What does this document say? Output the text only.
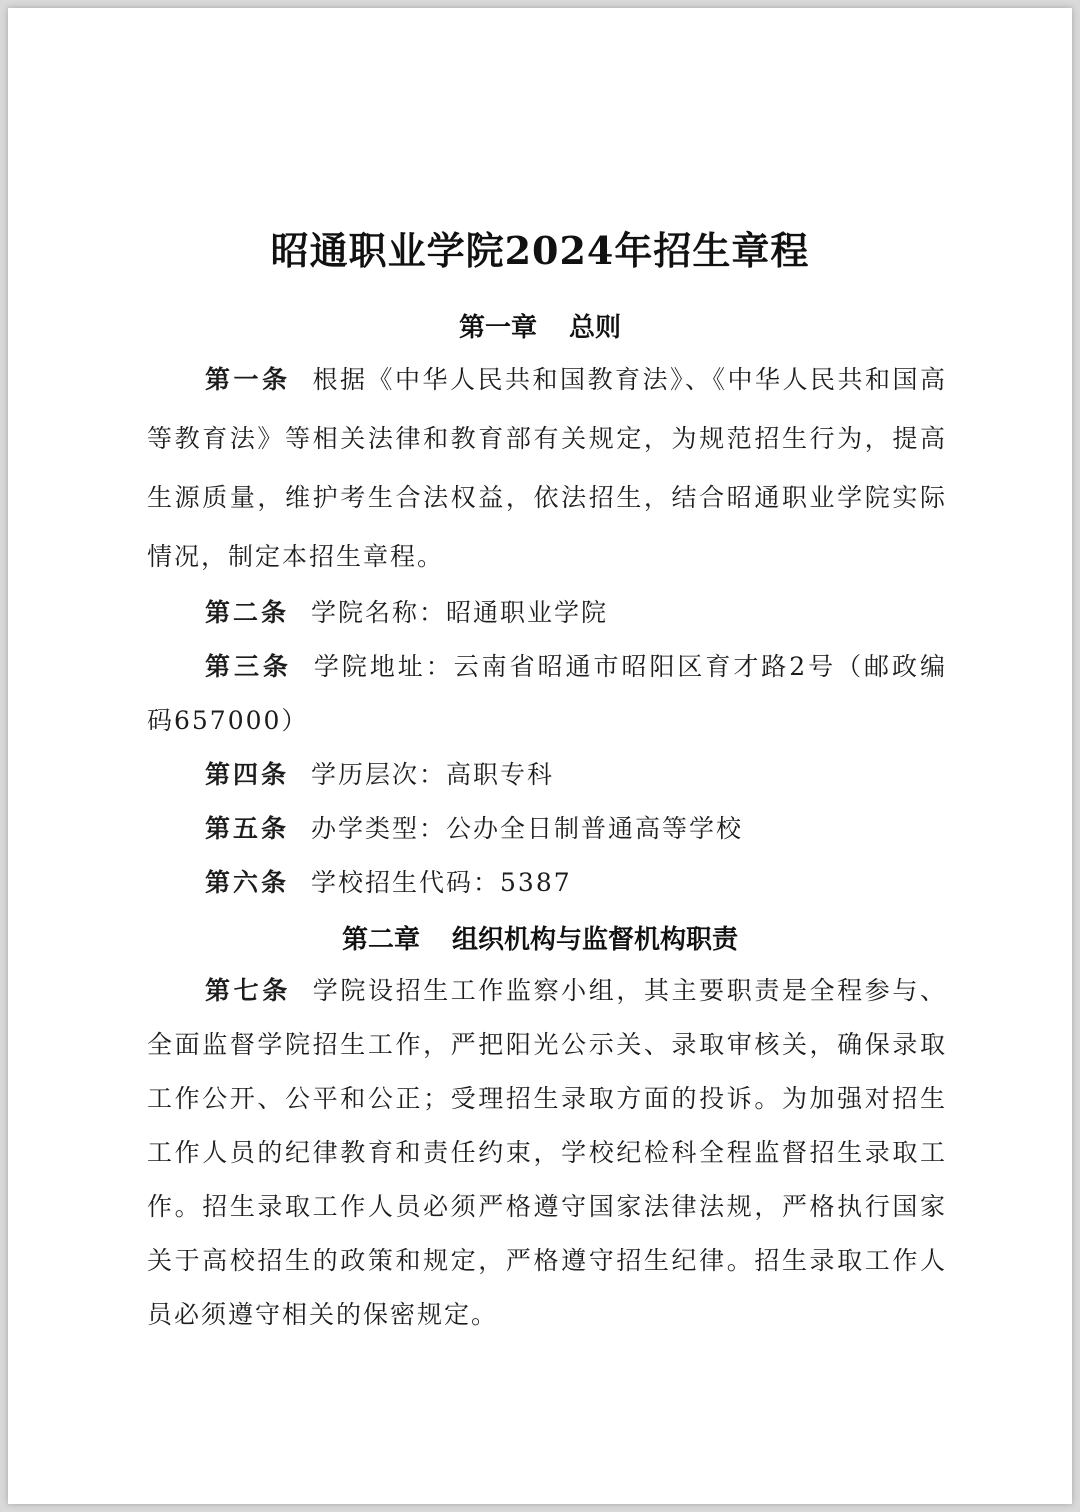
昭通职业学院2024年招生章程
第一章 总则

第一条 根据《中华人民共和国教育法》、《中华人民共和国高等教育法》等相关法律和教育部有关规定，为规范招生行为，提高生源质量，维护考生合法权益，依法招生，结合昭通职业学院实际情况，制定本招生章程。

第二条 学院名称：昭通职业学院

第三条 学院地址：云南省昭通市昭阳区育才路2号（邮政编码657000）

第四条 学历层次：高职专科

第五条 办学类型：公办全日制普通高等学校

第六条 学校招生代码：5387

第二章 组织机构与监督机构职责

第七条 学院设招生工作监察小组，其主要职责是全程参与、全面监督学院招生工作，严把阳光公示关、录取审核关，确保录取工作公开、公平和公正；受理招生录取方面的投诉。为加强对招生工作人员的纪律教育和责任约束，学校纪检科全程监督招生录取工作。招生录取工作人员必须严格遵守国家法律法规，严格执行国家关于高校招生的政策和规定，严格遵守招生纪律。招生录取工作人员必须遵守相关的保密规定。
